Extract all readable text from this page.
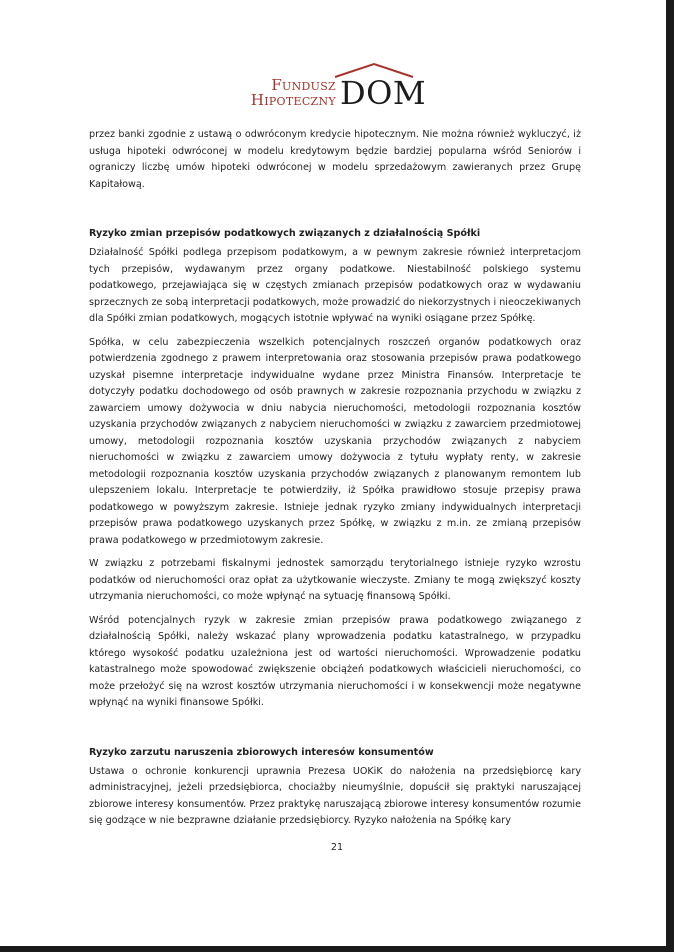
Fundusz
Hipoteczny DOM

przez banki zgodnie z ustawą o odwróconym kredycie hipotecznym. Nie można również wykluczyć, iż usługa hipoteki odwróconej w modelu kredytowym będzie bardziej popularna wśród Seniorów i ograniczy liczbę umów hipoteki odwróconej w modelu sprzedażowym zawieranych przez Grupę Kapitałową.

Ryzyko zmian przepisów podatkowych związanych z działalnością Spółki

Działalność Spółki podlega przepisom podatkowym, a w pewnym zakresie również interpretacjom tych przepisów, wydawanym przez organy podatkowe. Niestabilność polskiego systemu podatkowego, przejawiająca się w częstych zmianach przepisów podatkowych oraz w wydawaniu sprzecznych ze sobą interpretacji podatkowych, może prowadzić do niekorzystnych i nieoczekiwanych dla Spółki zmian podatkowych, mogących istotnie wpływać na wyniki osiągane przez Spółkę.

Spółka, w celu zabezpieczenia wszelkich potencjalnych roszczeń organów podatkowych oraz potwierdzenia zgodnego z prawem interpretowania oraz stosowania przepisów prawa podatkowego uzyskał pisemne interpretacje indywidualne wydane przez Ministra Finansów. Interpretacje te dotyczyły podatku dochodowego od osób prawnych w zakresie rozpoznania przychodu w związku z zawarciem umowy dożywocia w dniu nabycia nieruchomości, metodologii rozpoznania kosztów uzyskania przychodów związanych z nabyciem nieruchomości w związku z zawarciem przedmiotowej umowy, metodologii rozpoznania kosztów uzyskania przychodów związanych z nabyciem nieruchomości w związku z zawarciem umowy dożywocia z tytułu wypłaty renty, w zakresie metodologii rozpoznania kosztów uzyskania przychodów związanych z planowanym remontem lub ulepszeniem lokalu. Interpretacje te potwierdziły, iż Spółka prawidłowo stosuje przepisy prawa podatkowego w powyższym zakresie. Istnieje jednak ryzyko zmiany indywidualnych interpretacji przepisów prawa podatkowego uzyskanych przez Spółkę, w związku z m.in. ze zmianą przepisów prawa podatkowego w przedmiotowym zakresie.

W związku z potrzebami fiskalnymi jednostek samorządu terytorialnego istnieje ryzyko wzrostu podatków od nieruchomości oraz opłat za użytkowanie wieczyste. Zmiany te mogą zwiększyć koszty utrzymania nieruchomości, co może wpłynąć na sytuację finansową Spółki.

Wśród potencjalnych ryzyk w zakresie zmian przepisów prawa podatkowego związanego z działalnością Spółki, należy wskazać plany wprowadzenia podatku katastralnego, w przypadku którego wysokość podatku uzależniona jest od wartości nieruchomości. Wprowadzenie podatku katastralnego może spowodować zwiększenie obciążeń podatkowych właścicieli nieruchomości, co może przełożyć się na wzrost kosztów utrzymania nieruchomości i w konsekwencji może negatywne wpłynąć na wyniki finansowe Spółki.

Ryzyko zarzutu naruszenia zbiorowych interesów konsumentów

Ustawa o ochronie konkurencji uprawnia Prezesa UOKiK do nałożenia na przedsiębiorcę kary administracyjnej, jeżeli przedsiębiorca, chociażby nieumyślnie, dopuścił się praktyki naruszającej zbiorowe interesy konsumentów. Przez praktykę naruszającą zbiorowe interesy konsumentów rozumie się godzące w nie bezprawne działanie przedsiębiorcy. Ryzyko nałożenia na Spółkę kary

21
